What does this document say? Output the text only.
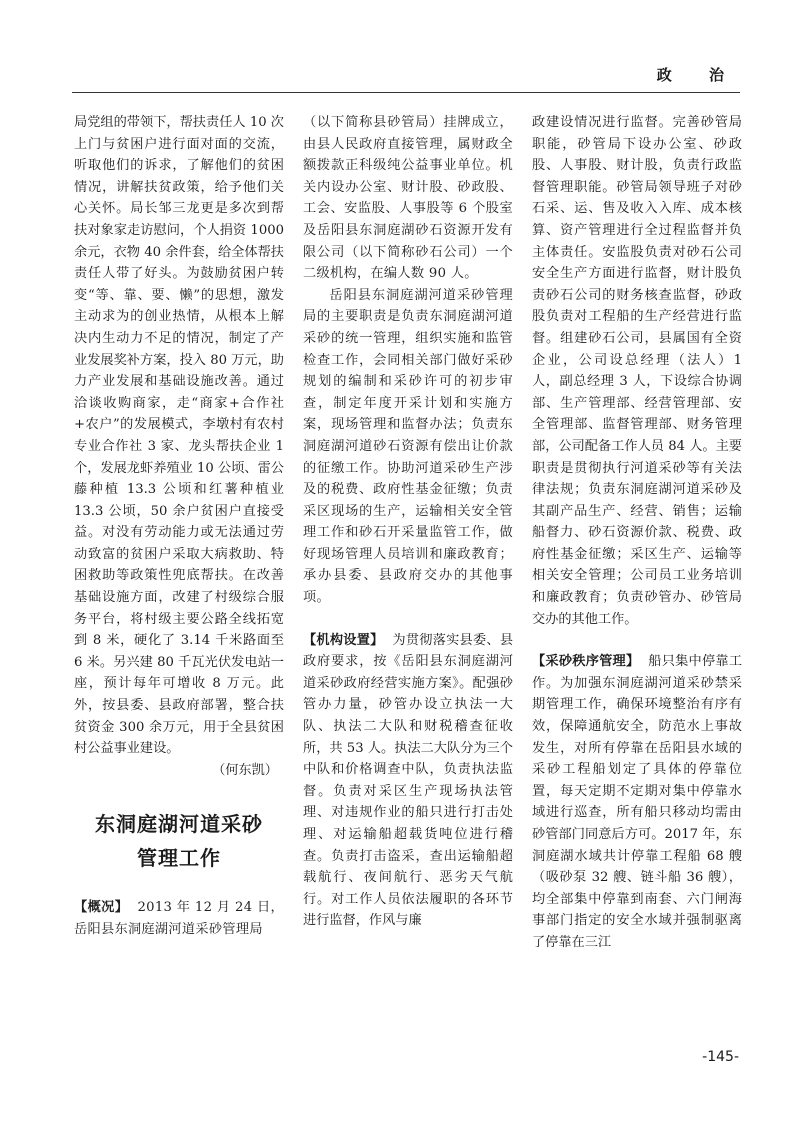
政 治

局党组的带领下，帮扶责任人 10 次上门与贫困户进行面对面的交流，听取他们的诉求，了解他们的贫困情况，讲解扶贫政策，给予他们关心关怀。局长邹三龙更是多次到帮扶对象家走访慰问，个人捐资 1000 余元，衣物 40 余件套，给全体帮扶责任人带了好头。为鼓励贫困户转变“等、靠、要、懒”的思想，激发主动求为的创业热情，从根本上解决内生动力不足的情况，制定了产业发展奖补方案，投入 80 万元，助力产业发展和基础设施改善。通过洽谈收购商家，走“商家+合作社+农户”的发展模式，李墩村有农村专业合作社 3 家、龙头帮扶企业 1 个，发展龙虾养殖业 10 公顷、雷公藤种植 13.3 公顷和红薯种植业 13.3 公顷，50 余户贫困户直接受益。对没有劳动能力或无法通过劳动致富的贫困户采取大病救助、特困救助等政策性兜底帮扶。在改善基础设施方面，改建了村级综合服务平台，将村级主要公路全线拓宽到 8 米，硬化了 3.14 千米路面至 6 米。另兴建 80 千瓦光伏发电站一座，预计每年可增收 8 万元。此外，按县委、县政府部署，整合扶贫资金 300 余万元，用于全县贫困村公益事业建设。

（何东凯）

东洞庭湖河道采砂
管理工作

【概况】 2013 年 12 月 24 日，岳阳县东洞庭湖河道采砂管理局

（以下简称县砂管局）挂牌成立，由县人民政府直接管理，属财政全额拨款正科级纯公益事业单位。机关内设办公室、财计股、砂政股、工会、安监股、人事股等 6 个股室及岳阳县东洞庭湖砂石资源开发有限公司（以下简称砂石公司）一个二级机构，在编人数 90 人。

岳阳县东洞庭湖河道采砂管理局的主要职责是负责东洞庭湖河道采砂的统一管理，组织实施和监管检查工作，会同相关部门做好采砂规划的编制和采砂许可的初步审查，制定年度开采计划和实施方案，现场管理和监督办法；负责东洞庭湖河道砂石资源有偿出让价款的征缴工作。协助河道采砂生产涉及的税费、政府性基金征缴；负责采区现场的生产，运输相关安全管理工作和砂石开采量监管工作，做好现场管理人员培训和廉政教育；承办县委、县政府交办的其他事项。

【机构设置】 为贯彻落实县委、县政府要求，按《岳阳县东洞庭湖河道采砂政府经营实施方案》。配强砂管办力量，砂管办设立执法一大队、执法二大队和财税稽查征收所，共 53 人。执法二大队分为三个中队和价格调查中队，负责执法监督。负责对采区生产现场执法管理、对违规作业的船只进行打击处理、对运输船超载货吨位进行稽查。负责打击盗采，查出运输船超载航行、夜间航行、恶劣天气航行。对工作人员依法履职的各环节进行监督，作风与廉

政建设情况进行监督。完善砂管局职能，砂管局下设办公室、砂政股、人事股、财计股，负责行政监督管理职能。砂管局领导班子对砂石采、运、售及收入入库、成本核算、资产管理进行全过程监督并负主体责任。安监股负责对砂石公司安全生产方面进行监督，财计股负责砂石公司的财务核查监督，砂政股负责对工程船的生产经营进行监督。组建砂石公司，县属国有全资企业，公司设总经理（法人）1 人，副总经理 3 人，下设综合协调部、生产管理部、经营管理部、安全管理部、监督管理部、财务管理部，公司配备工作人员 84 人。主要职责是贯彻执行河道采砂等有关法律法规；负责东洞庭湖河道采砂及其副产品生产、经营、销售；运输船督力、砂石资源价款、税费、政府性基金征缴；采区生产、运输等相关安全管理；公司员工业务培训和廉政教育；负责砂管办、砂管局交办的其他工作。

【采砂秩序管理】 船只集中停靠工作。为加强东洞庭湖河道采砂禁采期管理工作，确保环境整治有序有效，保障通航安全，防范水上事故发生，对所有停靠在岳阳县水域的采砂工程船划定了具体的停靠位置，每天定期不定期对集中停靠水域进行巡查，所有船只移动均需由砂管部门同意后方可。2017 年，东洞庭湖水域共计停靠工程船 68 艘（吸砂泵 32 艘、链斗船 36 艘），均全部集中停靠到南套、六门闸海事部门指定的安全水域并强制驱离了停靠在三江

-145-
